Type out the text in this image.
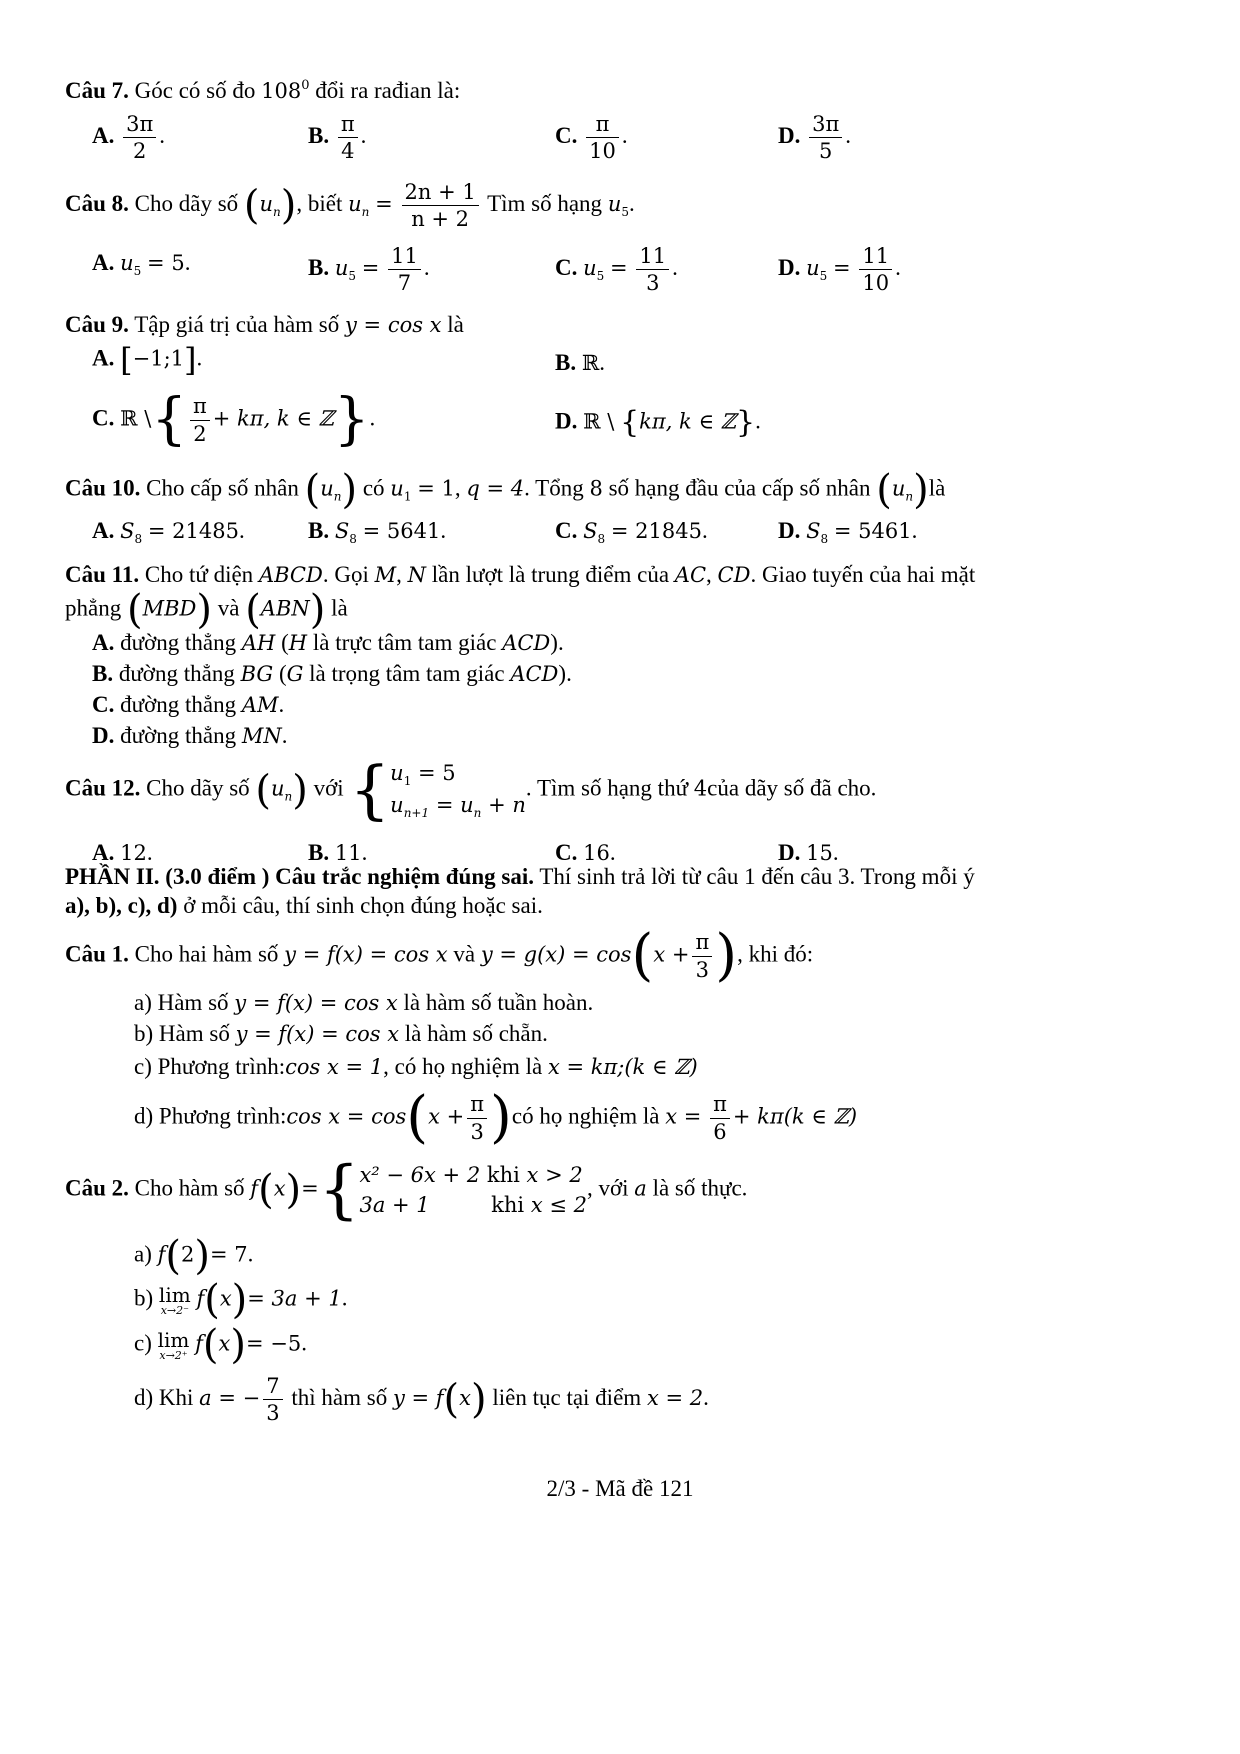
Câu 7. Góc có số đo $108^0$ đổi ra rađian là:
A. $\frac{3\pi}{2}$ .	B. $\frac{\pi}{4}$ .	C. $\frac{\pi}{10}$ .	D. $\frac{3\pi}{5}$ .
Câu 8. Cho dãy số $(u_n)$, biết $u_n = \frac{2n + 1}{n + 2}$ Tìm số hạng $u_5$.
A. $u_5 = 5$.	B. $u_5 = \frac{11}{7}$ .	C. $u_5 = \frac{11}{3}$ .	D. $u_5 = \frac{11}{10}$ .
Câu 9. Tập giá trị của hàm số y = cos x là
A. [−1;1].	B. ℝ.
C. ℝ \{ $\frac{\pi}{2} + k\pi$, k ∈ ℤ}.	D. ℝ \ {kπ, k ∈ ℤ}.
Câu 10. Cho cấp số nhân $(u_n)$ có $u_1 = 1$, q = 4. Tổng 8 số hạng đầu của cấp số nhân $(u_n)là$
A. $S_8 = 21485$.	B. $S_8 = 5641$.	C. $S_8 = 21845$.	D. $S_8 = 5461$.
Câu 11. Cho tứ diện ABCD. Gọi M, N lần lượt là trung điểm của AC, CD. Giao tuyến của hai mặt
phẳng (MBD) và (ABN) là
A. đường thẳng AH (H là trực tâm tam giác ACD).
B. đường thẳng BG (G là trọng tâm tam giác ACD).
C. đường thẳng AM.
D. đường thẳng MN.
Câu 12. Cho dãy số $(u_n)$ với {$u_1 = 5$
$u_{n+1} = u_n + n$. Tìm số hạng thứ 4của dãy số đã cho.
A. 12.	B. 11.	C. 16.	D. 15.
PHẦN II. (3.0 điểm ) Câu trắc nghiệm đúng sai. Thí sinh trả lời từ câu 1 đến câu 3. Trong mỗi ý
a), b), c), d) ở mỗi câu, thí sinh chọn đúng hoặc sai.
Câu 1. Cho hai hàm số y = f(x) = cos x và $y = g(x) = \cos(x + \frac{\pi}{3}$ ), khi đó:
a) Hàm số y = f(x) = cos x là hàm số tuần hoàn.
b) Hàm số y = f(x) = cos x là hàm số chẵn.
c) Phương trình:cos x = 1, có họ nghiệm là x = kπ;(k ∈ ℤ)
d) Phương trình:cos $x = \cos(x + \frac{\pi}{3}$ )có họ nghiệm là $x = \frac{\pi}{6} + k\pi(k$ ∈ ℤ)
Câu 2. Cho hàm số f(x)={x² − 6x + 2 khi x > 2
3a + 1	khi x ≤ 2, với a là số thực.
a) f(2)= 7.
b) lim
x→2⁻ f(x)= 3a + 1.
c) lim
x→2⁺ f(x)= −5.
d) Khi a = − $\frac{7}{3}$ thì hàm số y = f(x) liên tục tại điểm x = 2.
2/3 - Mã đề 121
